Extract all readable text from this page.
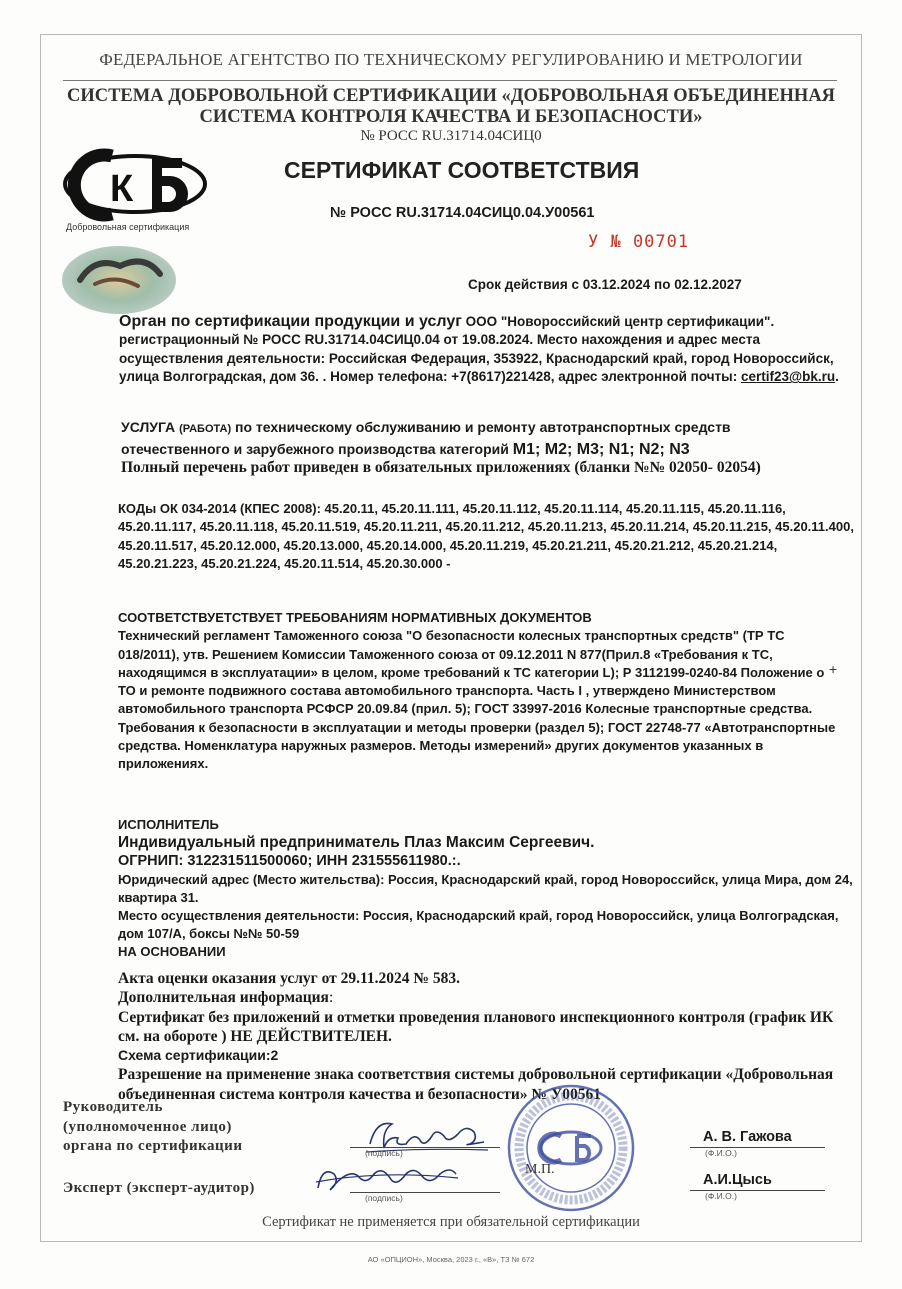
ФЕДЕРАЛЬНОЕ АГЕНТСТВО ПО ТЕХНИЧЕСКОМУ РЕГУЛИРОВАНИЮ И МЕТРОЛОГИИ
СИСТЕМА ДОБРОВОЛЬНОЙ СЕРТИФИКАЦИИ «ДОБРОВОЛЬНАЯ ОБЪЕДИНЕННАЯ
СИСТЕМА КОНТРОЛЯ КАЧЕСТВА И БЕЗОПАСНОСТИ»
№ РОСС RU.31714.04СИЦ0
К
Добровольная сертификация
СЕРТИФИКАТ СООТВЕТСТВИЯ
№ РОСС RU.31714.04СИЦ0.04.У00561
У № 00701
Срок действия с 03.12.2024 по 02.12.2027
Орган по сертификации продукции и услуг ООО "Новороссийский центр сертификации". регистрационный № РОСС RU.31714.04СИЦ0.04 от 19.08.2024. Место нахождения и адрес места осуществления деятельности: Российская Федерация, 353922, Краснодарский край, город Новороссийск, улица Волгоградская, дом 36. . Номер телефона: +7(8617)221428, адрес электронной почты: certif23@bk.ru.
УСЛУГА (РАБОТА) по техническому обслуживанию и ремонту автотранспортных средств
отечественного и зарубежного производства категорий М1; М2; М3; N1; N2; N3
Полный перечень работ приведен в обязательных приложениях (бланки №№ 02050- 02054)
КОДы ОК 034-2014 (КПЕС 2008): 45.20.11, 45.20.11.111, 45.20.11.112, 45.20.11.114, 45.20.11.115, 45.20.11.116, 45.20.11.117, 45.20.11.118, 45.20.11.519, 45.20.11.211, 45.20.11.212, 45.20.11.213, 45.20.11.214, 45.20.11.215, 45.20.11.400, 45.20.11.517, 45.20.12.000, 45.20.13.000, 45.20.14.000, 45.20.11.219, 45.20.21.211, 45.20.21.212, 45.20.21.214, 45.20.21.223, 45.20.21.224, 45.20.11.514, 45.20.30.000 -
СООТВЕТСТВУЕТСТВУЕТ ТРЕБОВАНИЯМ НОРМАТИВНЫХ ДОКУМЕНТОВ
Технический регламент Таможенного союза "О безопасности колесных транспортных средств" (ТР ТС 018/2011), утв. Решением Комиссии Таможенного союза от 09.12.2011 N 877(Прил.8 «Требования к ТС, находящимся в эксплуатации» в целом, кроме требований к ТС категории L); Р 3112199-0240-84 Положение о ТО и ремонте подвижного состава автомобильного транспорта. Часть I , утверждено Министерством автомобильного транспорта РСФСР 20.09.84 (прил. 5); ГОСТ 33997-2016 Колесные транспортные средства. Требования к безопасности в эксплуатации и методы проверки (раздел 5); ГОСТ 22748-77 «Автотранспортные средства. Номенклатура наружных размеров. Методы измерений» других документов указанных в приложениях.
+
ИСПОЛНИТЕЛЬ
Индивидуальный предприниматель Плаз Максим Сергеевич.
ОГРНИП: 312231511500060; ИНН 231555611980.:.
Юридический адрес (Место жительства): Россия, Краснодарский край, город Новороссийск, улица Мира, дом 24, квартира 31.
Место осуществления деятельности: Россия, Краснодарский край, город Новороссийск, улица Волгоградская, дом 107/А, боксы №№ 50-59
НА ОСНОВАНИИ
Акта оценки оказания услуг от 29.11.2024 № 583.
Дополнительная информация:
Сертификат без приложений и отметки проведения планового инспекционного контроля (график ИК см. на обороте ) НЕ ДЕЙСТВИТЕЛЕН.
Схема сертификации:2
Разрешение на применение знака соответствия системы добровольной сертификации «Добровольная объединенная система контроля качества и безопасности» № У00561
Руководитель
(уполномоченное лицо)
органа по сертификации	(подпись)
А. В. Гажова
(Ф.И.О.)
Эксперт (эксперт-аудитор)
(подпись)
А.И.Цысь
(Ф.И.О.)
М.П.
Сертификат не применяется при обязательной сертификации
АО «ОПЦИОН», Москва, 2023 г., «В», ТЗ № 672
